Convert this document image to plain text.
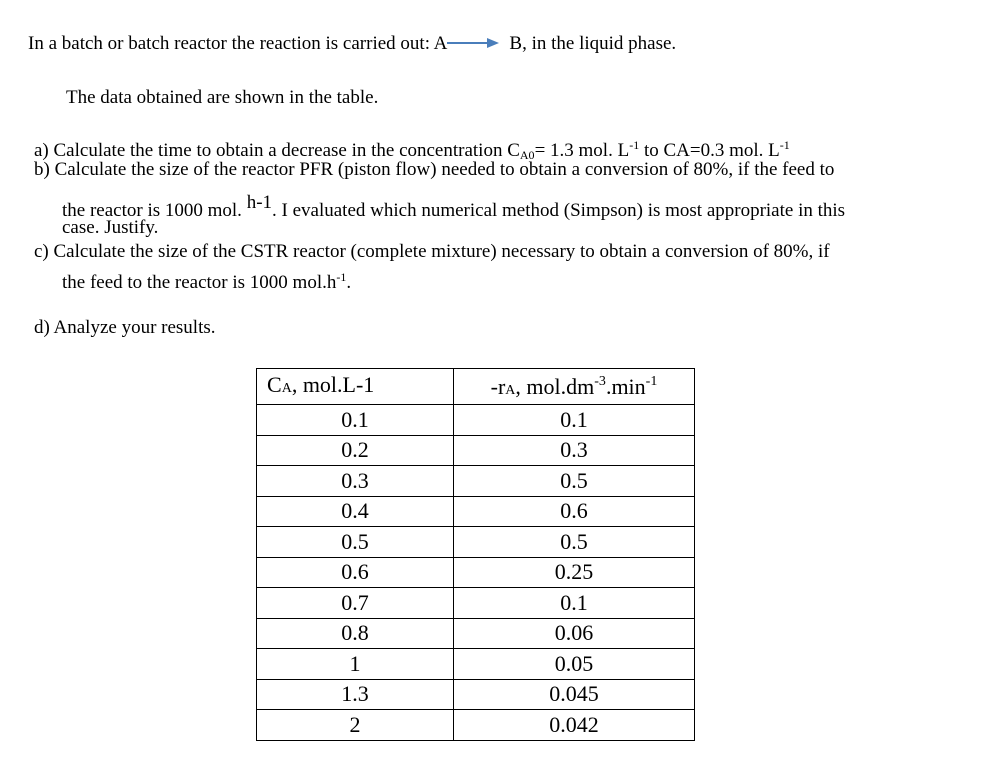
In a batch or batch reactor the reaction is carried out: A→ B, in the liquid phase.
The data obtained are shown in the table.
a) Calculate the time to obtain a decrease in the concentration $C_{A0}= 1.3$ mol. $L^{-1}$ to CA=0.3 mol. $L^{-1}$
b) Calculate the size of the reactor PFR (piston flow) needed to obtain a conversion of 80%, if the feed to
the reactor is 1000 mol. h-1. I evaluated which numerical method (Simpson) is most appropriate in this
case. Justify.
c) Calculate the size of the CSTR reactor (complete mixture) necessary to obtain a conversion of 80%, if
the feed to the reactor is 1000 $mol.h^{-1}$.
d) Analyze your results.
CA, mol.L-1	-rA, $mol.dm^{-3}.\min^{-1}$
0.1	0.1
0.2	0.3
0.3	0.5
0.4	0.6
0.5	0.5
0.6	0.25
0.7	0.1
0.8	0.06
1	0.05
1.3	0.045
2	0.042
